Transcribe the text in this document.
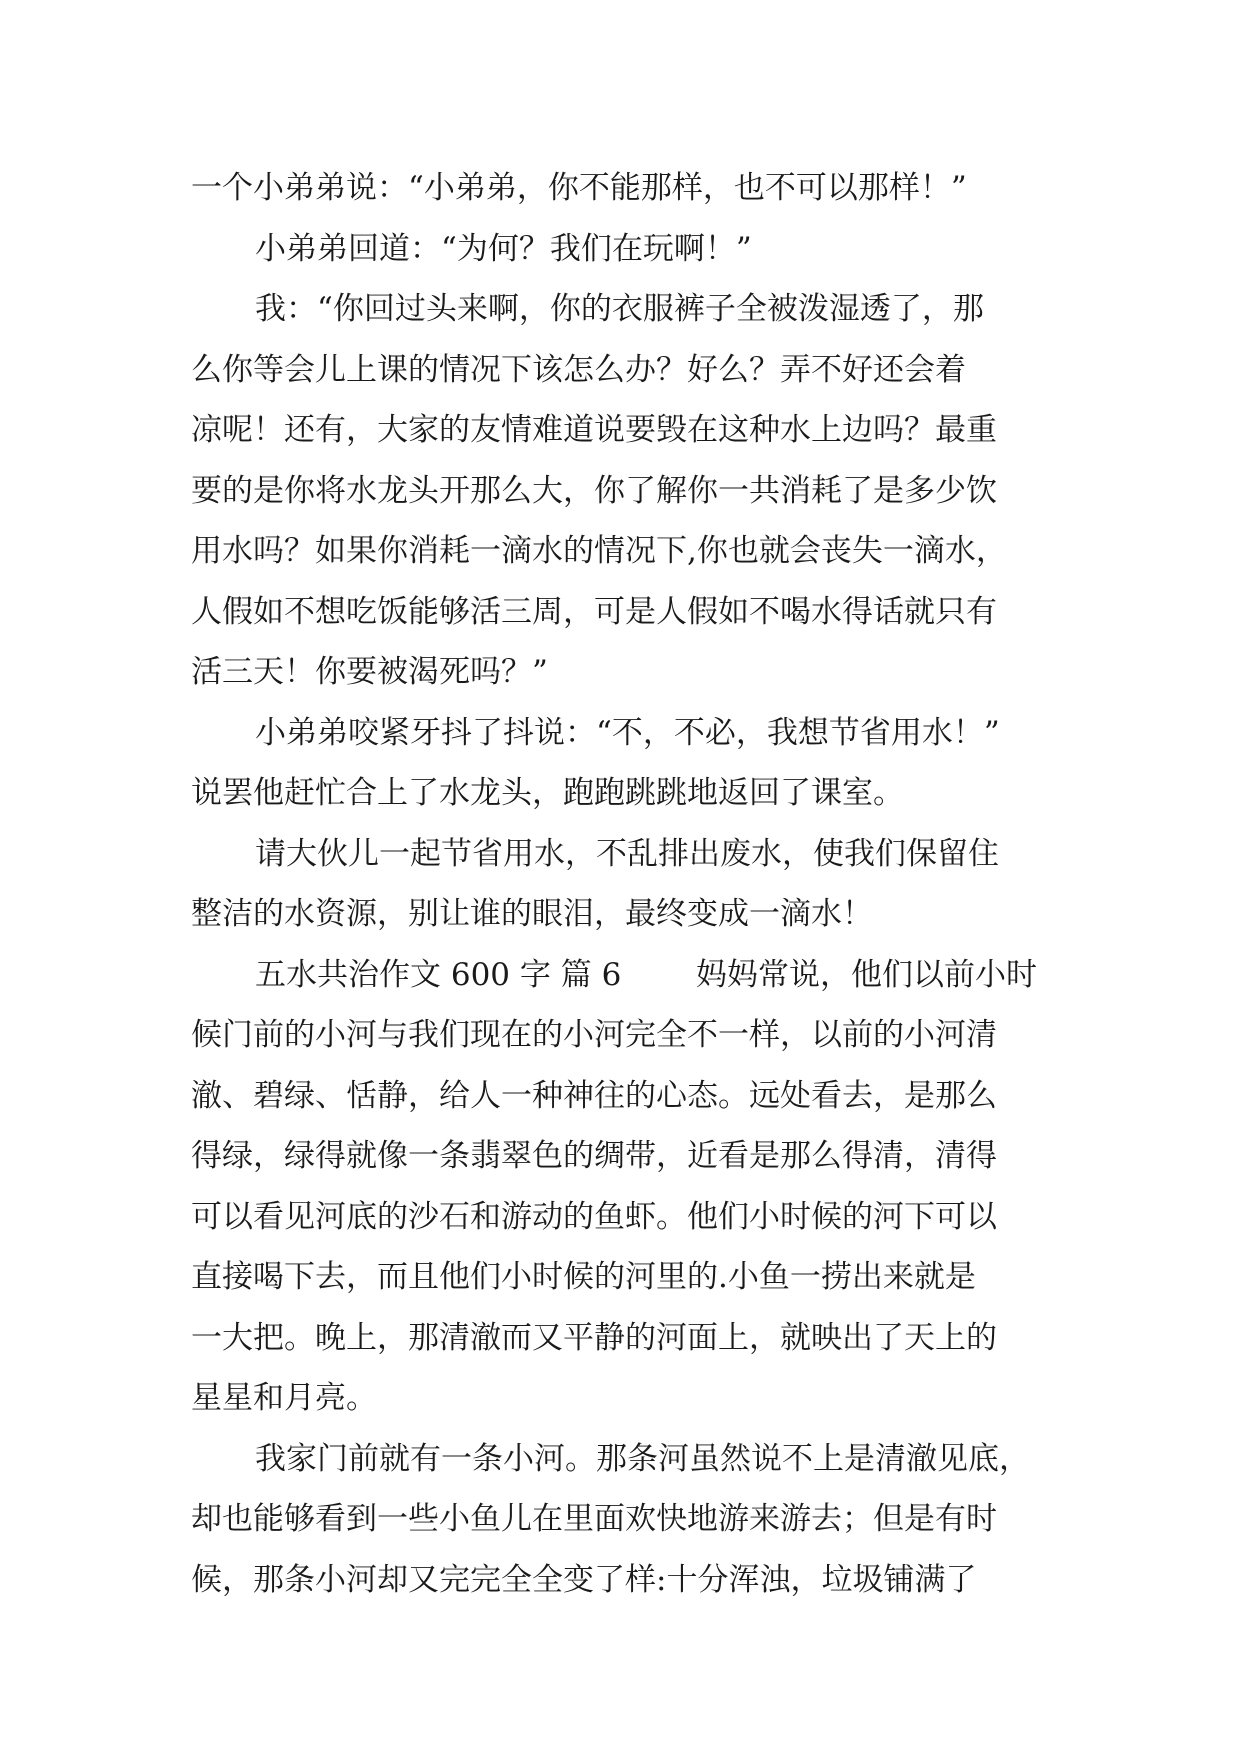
一个小弟弟说：“小弟弟，你不能那样，也不可以那样！”
小弟弟回道：“为何？我们在玩啊！”
我：“你回过头来啊，你的衣服裤子全被泼湿透了，那
么你等会儿上课的情况下该怎么办？好么？弄不好还会着
凉呢！还有，大家的友情难道说要毁在这种水上边吗？最重
要的是你将水龙头开那么大，你了解你一共消耗了是多少饮
用水吗？如果你消耗一滴水的情况下,你也就会丧失一滴水，
人假如不想吃饭能够活三周，可是人假如不喝水得话就只有
活三天！你要被渴死吗？”
小弟弟咬紧牙抖了抖说：“不，不必，我想节省用水！”
说罢他赶忙合上了水龙头，跑跑跳跳地返回了课室。
请大伙儿一起节省用水，不乱排出废水，使我们保留住
整洁的水资源，别让谁的眼泪，最终变成一滴水！
五水共治作文 600 字 篇 6 妈妈常说，他们以前小时
候门前的小河与我们现在的小河完全不一样，以前的小河清
澈、碧绿、恬静，给人一种神往的心态。远处看去，是那么
得绿，绿得就像一条翡翠色的绸带，近看是那么得清，清得
可以看见河底的沙石和游动的鱼虾。他们小时候的河下可以
直接喝下去，而且他们小时候的河里的.小鱼一捞出来就是
一大把。晚上，那清澈而又平静的河面上，就映出了天上的
星星和月亮。
我家门前就有一条小河。那条河虽然说不上是清澈见底，
却也能够看到一些小鱼儿在里面欢快地游来游去；但是有时
候，那条小河却又完完全全变了样:十分浑浊，垃圾铺满了
